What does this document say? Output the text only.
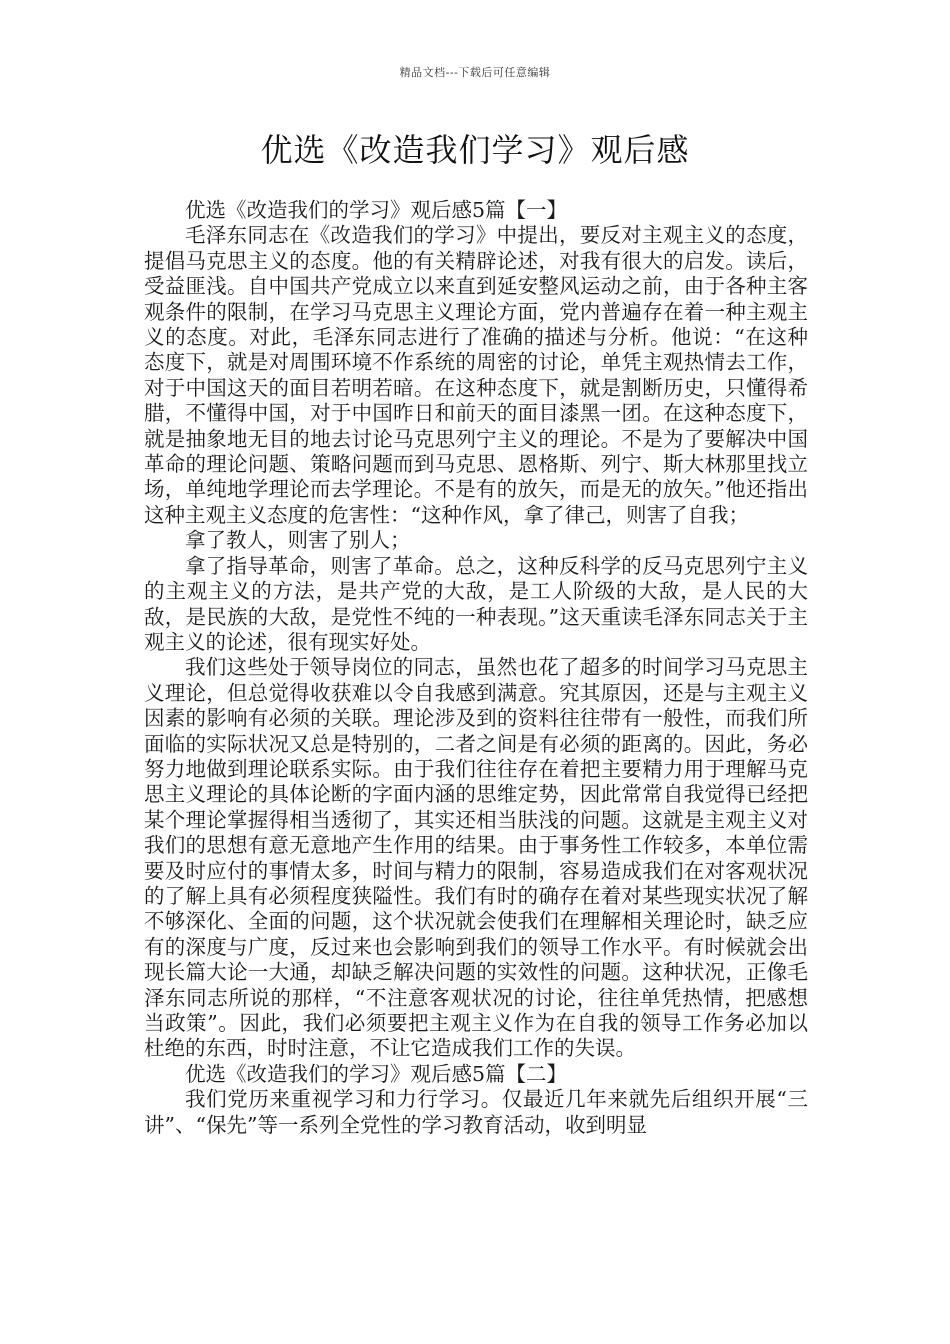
精品文档---下载后可任意编辑
优选《改造我们学习》观后感

优选《改造我们的学习》观后感5篇【一】

毛泽东同志在《改造我们的学习》中提出，要反对主观主义的态度，提倡马克思主义的态度。他的有关精辟论述，对我有很大的启发。读后，受益匪浅。自中国共产党成立以来直到延安整风运动之前，由于各种主客观条件的限制，在学习马克思主义理论方面，党内普遍存在着一种主观主义的态度。对此，毛泽东同志进行了准确的描述与分析。他说：“在这种态度下，就是对周围环境不作系统的周密的讨论，单凭主观热情去工作，对于中国这天的面目若明若暗。在这种态度下，就是割断历史，只懂得希腊，不懂得中国，对于中国昨日和前天的面目漆黑一团。在这种态度下，就是抽象地无目的地去讨论马克思列宁主义的理论。不是为了要解决中国革命的理论问题、策略问题而到马克思、恩格斯、列宁、斯大林那里找立场，单纯地学理论而去学理论。不是有的放矢，而是无的放矢。”他还指出这种主观主义态度的危害性：“这种作风，拿了律己，则害了自我；

拿了教人，则害了别人；

拿了指导革命，则害了革命。总之，这种反科学的反马克思列宁主义的主观主义的方法，是共产党的大敌，是工人阶级的大敌，是人民的大敌，是民族的大敌，是党性不纯的一种表现。”这天重读毛泽东同志关于主观主义的论述，很有现实好处。

我们这些处于领导岗位的同志，虽然也花了超多的时间学习马克思主义理论，但总觉得收获难以令自我感到满意。究其原因，还是与主观主义因素的影响有必须的关联。理论涉及到的资料往往带有一般性，而我们所面临的实际状况又总是特别的，二者之间是有必须的距离的。因此，务必努力地做到理论联系实际。由于我们往往存在着把主要精力用于理解马克思主义理论的具体论断的字面内涵的思维定势，因此常常自我觉得已经把某个理论掌握得相当透彻了，其实还相当肤浅的问题。这就是主观主义对我们的思想有意无意地产生作用的结果。由于事务性工作较多，本单位需要及时应付的事情太多，时间与精力的限制，容易造成我们在对客观状况的了解上具有必须程度狭隘性。我们有时的确存在着对某些现实状况了解不够深化、全面的问题，这个状况就会使我们在理解相关理论时，缺乏应有的深度与广度，反过来也会影响到我们的领导工作水平。有时候就会出现长篇大论一大通，却缺乏解决问题的实效性的问题。这种状况，正像毛泽东同志所说的那样，“不注意客观状况的讨论，往往单凭热情，把感想当政策”。因此，我们必须要把主观主义作为在自我的领导工作务必加以杜绝的东西，时时注意，不让它造成我们工作的失误。

优选《改造我们的学习》观后感5篇【二】

我们党历来重视学习和力行学习。仅最近几年来就先后组织开展“三讲”、“保先”等一系列全党性的学习教育活动，收到明显
